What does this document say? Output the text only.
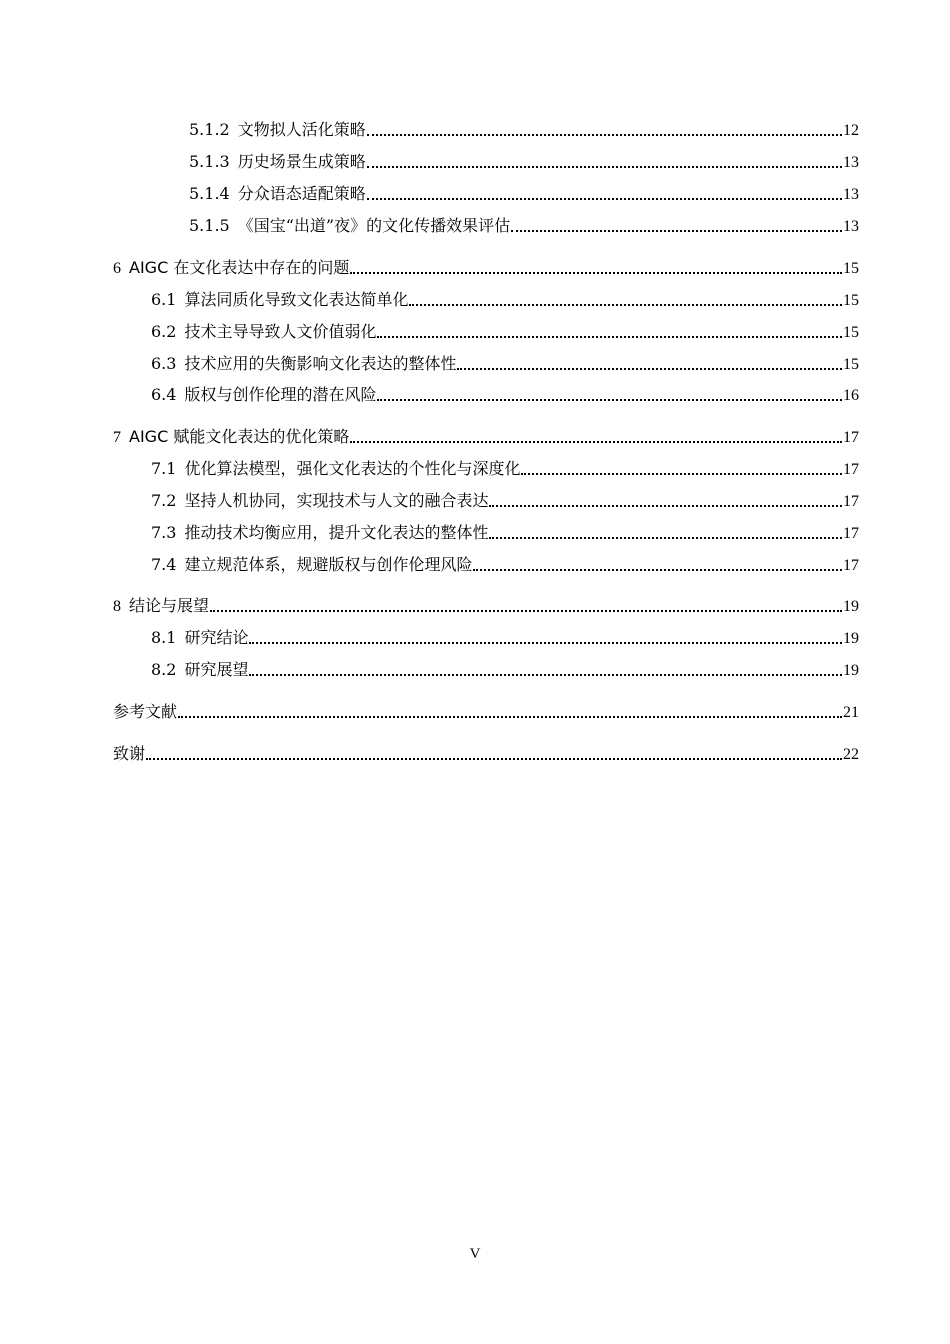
5.1.2 文物拟人活化策略	12
5.1.3 历史场景生成策略	13
5.1.4 分众语态适配策略	13
5.1.5 《国宝“出道”夜》的文化传播效果评估	13
6 AIGC 在文化表达中存在的问题	15
6.1 算法同质化导致文化表达简单化	15
6.2 技术主导导致人文价值弱化	15
6.3 技术应用的失衡影响文化表达的整体性	15
6.4 版权与创作伦理的潜在风险	16
7 AIGC 赋能文化表达的优化策略	17
7.1 优化算法模型，强化文化表达的个性化与深度化	17
7.2 坚持人机协同，实现技术与人文的融合表达	17
7.3 推动技术均衡应用，提升文化表达的整体性	17
7.4 建立规范体系，规避版权与创作伦理风险	17
8 结论与展望	19
8.1 研究结论	19
8.2 研究展望	19
参考文献	21
致谢	22
V
